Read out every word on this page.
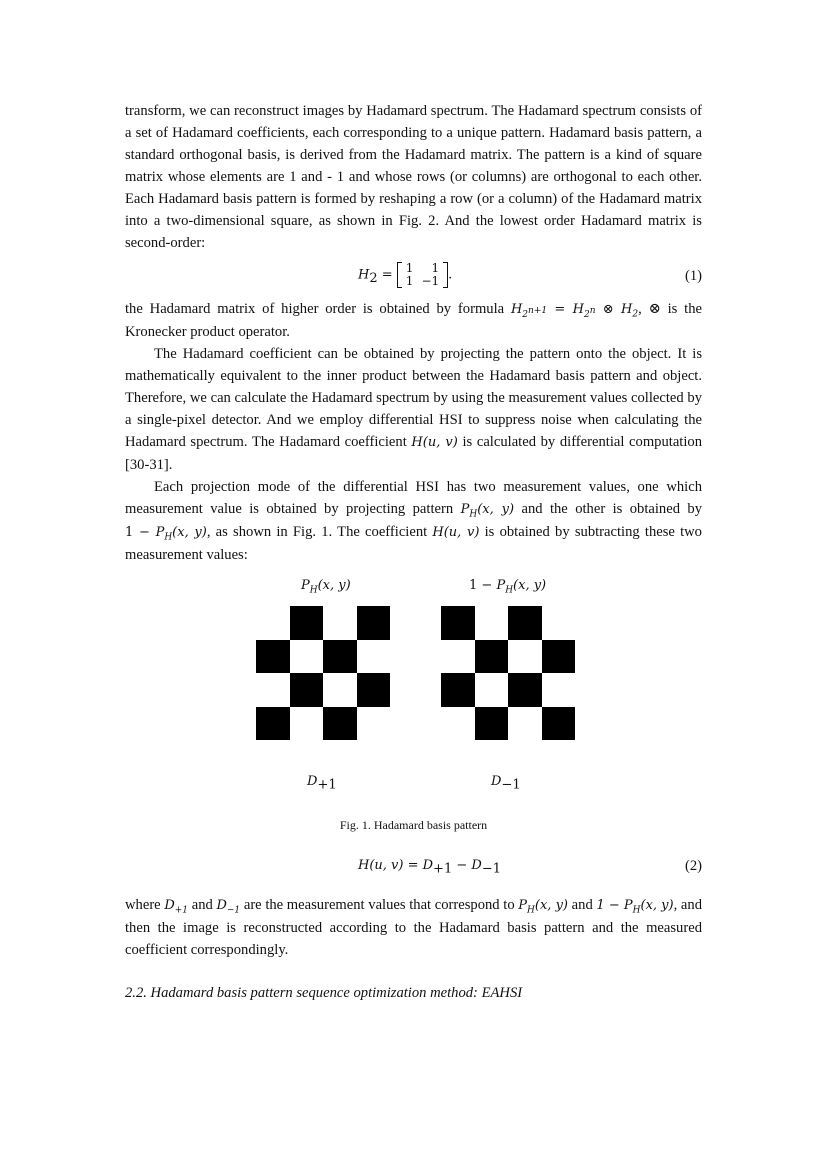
transform, we can reconstruct images by Hadamard spectrum. The Hadamard spectrum consists of a set of Hadamard coefficients, each corresponding to a unique pattern. Hadamard basis pattern, a standard orthogonal basis, is derived from the Hadamard matrix. The pattern is a kind of square matrix whose elements are 1 and - 1 and whose rows (or columns) are orthogonal to each other. Each Hadamard basis pattern is formed by reshaping a row (or a column) of the Hadamard matrix into a two-dimensional square, as shown in Fig. 2. And the lowest order Hadamard matrix is second-order:

$H_2 = 1$	1
1	−1 .	(1)

the Hadamard matrix of higher order is obtained by formula $H_{2^{n+1}} = H_{2^n}$ ⊗ $H_2$, ⊗ is the Kronecker product operator.

The Hadamard coefficient can be obtained by projecting the pattern onto the object. It is mathematically equivalent to the inner product between the Hadamard basis pattern and object. Therefore, we can calculate the Hadamard spectrum by using the measurement values collected by a single-pixel detector. And we employ differential HSI to suppress noise when calculating the Hadamard spectrum. The Hadamard coefficient H(u, v) is calculated by differential computation [30-31].

Each projection mode of the differential HSI has two measurement values, one which measurement value is obtained by projecting pattern $P_H(x$, y) and the other is obtained by $1 - P_H(x$, y), as shown in Fig. 1. The coefficient H(u, v) is obtained by subtracting these two measurement values:

$P_H(x$, y)	$1 - P_H(x$, y)
$D_{+1}$	$D_{-1}$
Fig. 1. Hadamard basis pattern
H(u, $v) = D_{+1} - D_{-1}$	(2)

where $D_{+1}$ and $D_{-1}$ are the measurement values that correspond to $P_H(x$, y) and $1 - P_H(x$, y), and then the image is reconstructed according to the Hadamard basis pattern and the measured coefficient correspondingly.

2.2. Hadamard basis pattern sequence optimization method: EAHSI
